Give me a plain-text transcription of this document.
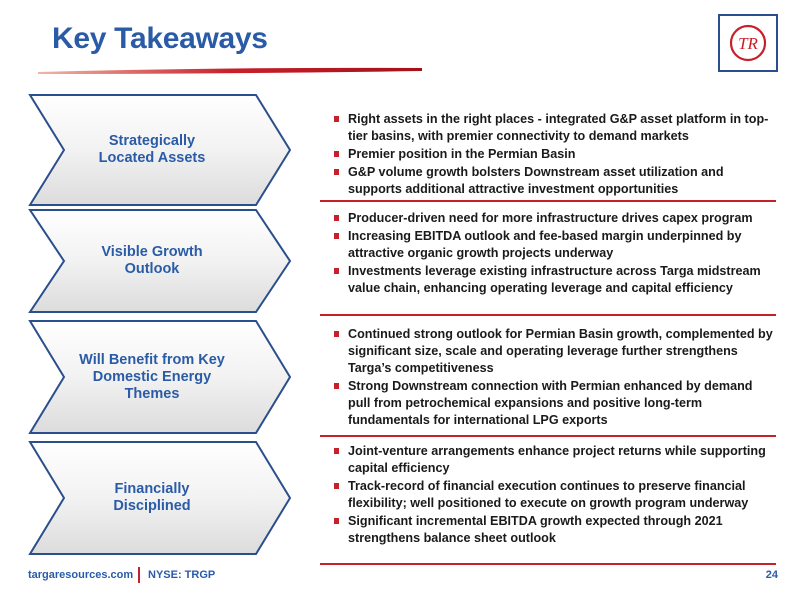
Key Takeaways	TR
Strategically
Located Assets
Right assets in the right places - integrated G&P asset platform in top-tier basins, with premier connectivity to demand markets
Premier position in the Permian Basin
G&P volume growth bolsters Downstream asset utilization and supports additional attractive investment opportunities
Visible Growth
Outlook
Producer-driven need for more infrastructure drives capex program
Increasing EBITDA outlook and fee-based margin underpinned by attractive organic growth projects underway
Investments leverage existing infrastructure across Targa midstream value chain, enhancing operating leverage and capital efficiency
Will Benefit from Key
Domestic Energy
Themes
Continued strong outlook for Permian Basin growth, complemented by significant size, scale and operating leverage further strengthens Targa’s competitiveness
Strong Downstream connection with Permian enhanced by demand pull from petrochemical expansions and positive long-term fundamentals for international LPG exports
Financially
Disciplined
Joint-venture arrangements enhance project returns while supporting capital efficiency
Track-record of financial execution continues to preserve financial flexibility; well positioned to execute on growth program underway
Significant incremental EBITDA growth expected through 2021 strengthens balance sheet outlook
targaresources.com NYSE: TRGP	24
